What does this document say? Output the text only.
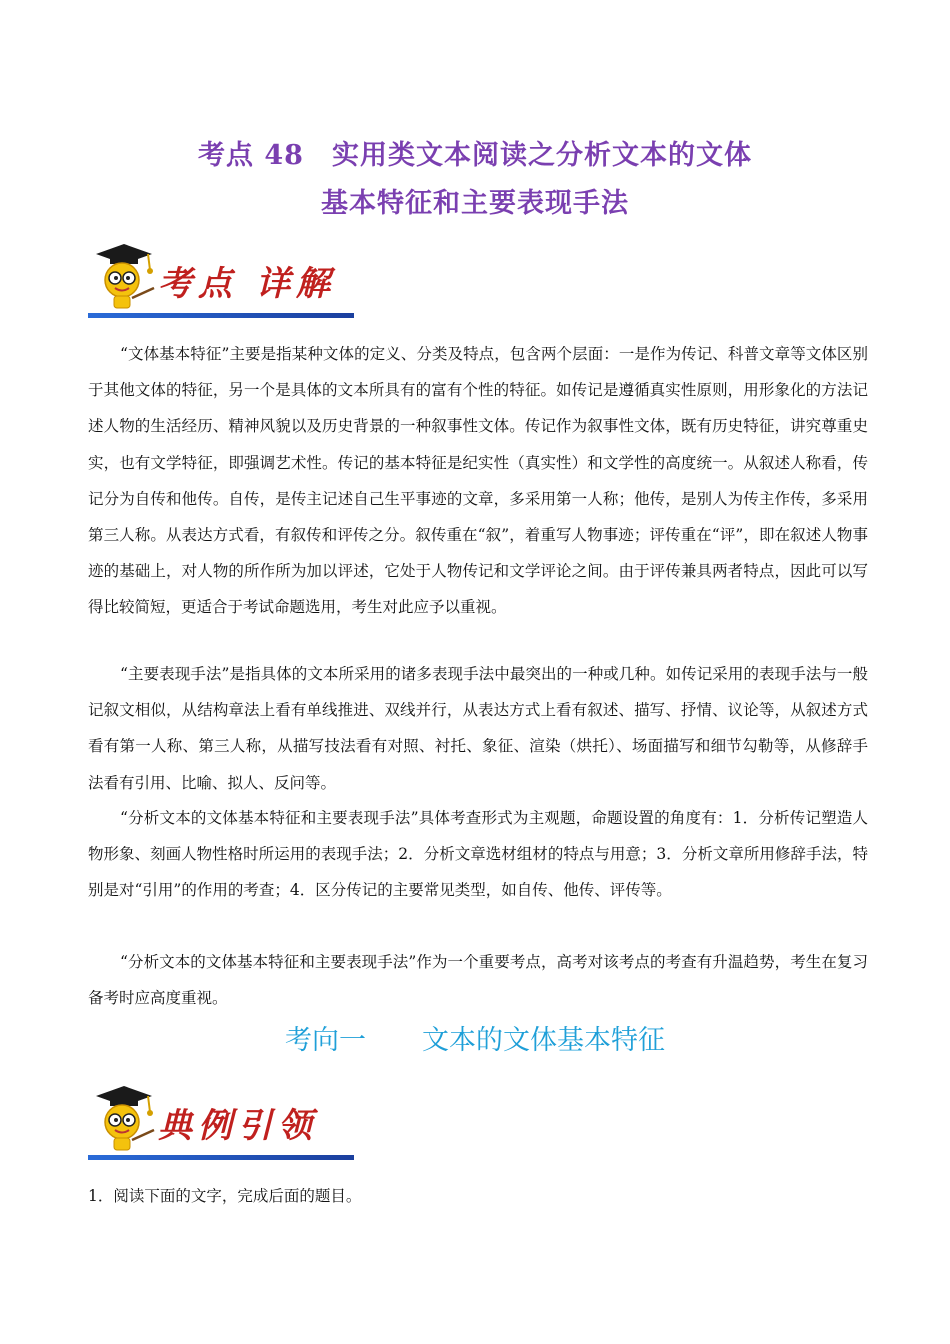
考点 48　实用类文本阅读之分析文本的文体
基本特征和主要表现手法
考点 详解
“文体基本特征”主要是指某种文体的定义、分类及特点，包含两个层面：一是作为传记、科普文章等文体区别于其他文体的特征，另一个是具体的文本所具有的富有个性的特征。如传记是遵循真实性原则，用形象化的方法记述人物的生活经历、精神风貌以及历史背景的一种叙事性文体。传记作为叙事性文体，既有历史特征，讲究尊重史实，也有文学特征，即强调艺术性。传记的基本特征是纪实性（真实性）和文学性的高度统一。从叙述人称看，传记分为自传和他传。自传，是传主记述自己生平事迹的文章，多采用第一人称；他传，是别人为传主作传，多采用第三人称。从表达方式看，有叙传和评传之分。叙传重在“叙”，着重写人物事迹；评传重在“评”，即在叙述人物事迹的基础上，对人物的所作所为加以评述，它处于人物传记和文学评论之间。由于评传兼具两者特点，因此可以写得比较简短，更适合于考试命题选用，考生对此应予以重视。
“主要表现手法”是指具体的文本所采用的诸多表现手法中最突出的一种或几种。如传记采用的表现手法与一般记叙文相似，从结构章法上看有单线推进、双线并行，从表达方式上看有叙述、描写、抒情、议论等，从叙述方式看有第一人称、第三人称，从描写技法看有对照、衬托、象征、渲染（烘托）、场面描写和细节勾勒等，从修辞手法看有引用、比喻、拟人、反问等。
“分析文本的文体基本特征和主要表现手法”具体考查形式为主观题，命题设置的角度有：1．分析传记塑造人物形象、刻画人物性格时所运用的表现手法；2．分析文章选材组材的特点与用意；3．分析文章所用修辞手法，特别是对“引用”的作用的考查；4．区分传记的主要常见类型，如自传、他传、评传等。
“分析文本的文体基本特征和主要表现手法”作为一个重要考点，高考对该考点的考查有升温趋势，考生在复习备考时应高度重视。
考向一 文本的文体基本特征
典例引领
1．阅读下面的文字，完成后面的题目。
